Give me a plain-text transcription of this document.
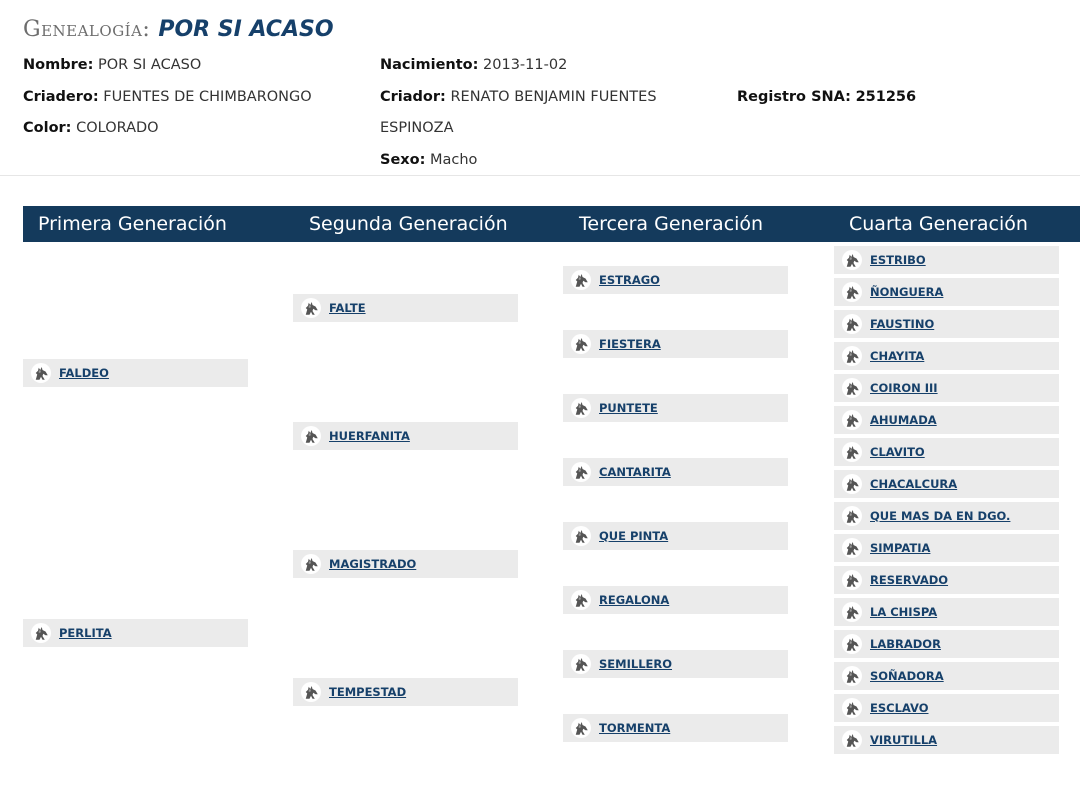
Genealogía: POR SI ACASO
Nombre: POR SI ACASO	Nacimiento: 2013-11-02
Criadero: FUENTES DE CHIMBARONGO	Criador: RENATO BENJAMIN FUENTES
ESPINOZA
Registro SNA: 251256
Color: COLORADO
Sexo: Macho
Primera Generación	Segunda Generación	Tercera Generación	Cuarta Generación
FALDEO
PERLITA
FALTE
HUERFANITA
MAGISTRADO
TEMPESTAD
ESTRAGO
FIESTERA
PUNTETE
CANTARITA
QUE PINTA
REGALONA
SEMILLERO
TORMENTA
ESTRIBO
ÑONGUERA
FAUSTINO
CHAYITA
COIRON III
AHUMADA
CLAVITO
CHACALCURA
QUE MAS DA EN DGO.
SIMPATIA
RESERVADO
LA CHISPA
LABRADOR
SOÑADORA
ESCLAVO
VIRUTILLA
